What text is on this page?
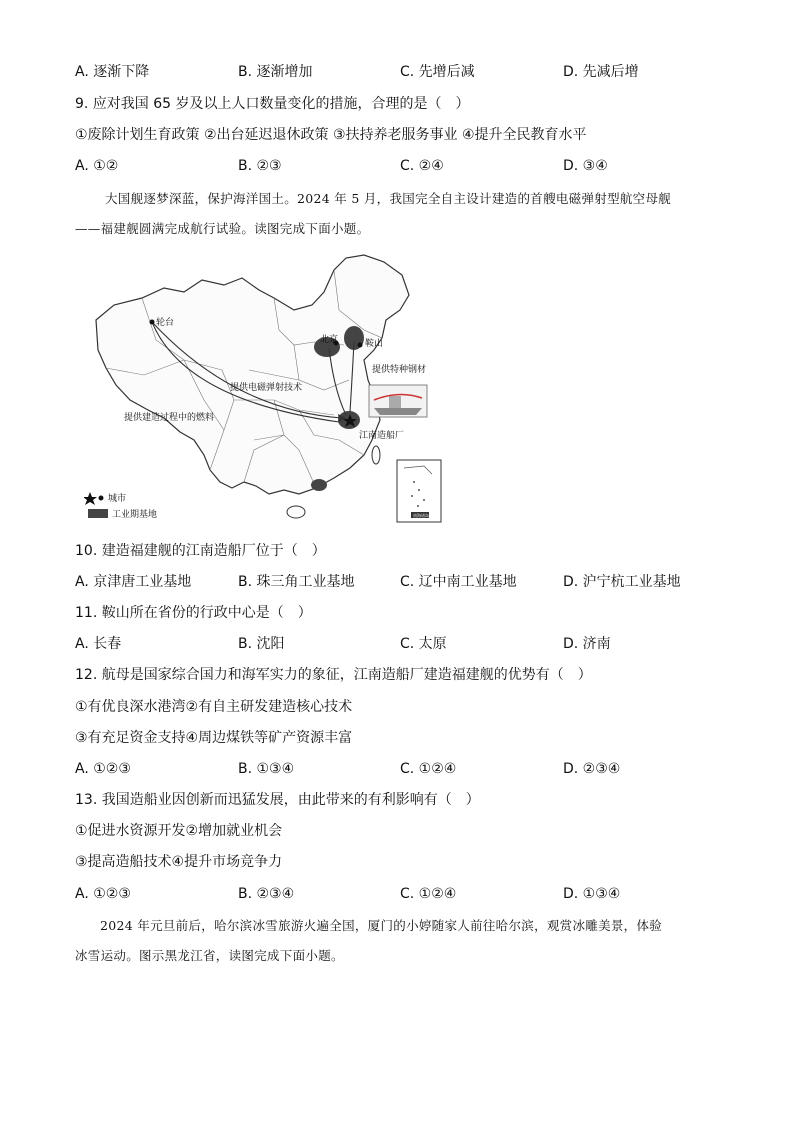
A. 逐渐下降	B. 逐渐增加	C. 先增后减	D. 先减后增
9. 应对我国 65 岁及以上人口数量变化的措施，合理的是（　）
①废除计划生育政策 ②出台延迟退休政策 ③扶持养老服务事业 ④提升全民教育水平
A. ①②	B. ②③	C. ②④	D. ③④
大国舰逐梦深蓝，保护海洋国土。2024 年 5 月，我国完全自主设计建造的首艘电磁弹射型航空母舰
——福建舰圆满完成航行试验。读图完成下面小题。
轮台
北京	鞍山
提供特种钢材
提供电磁弹射技术
提供建造过程中的燃料
江南造船厂
南海诸岛
城市
工业期基地
10. 建造福建舰的江南造船厂位于（　）
A. 京津唐工业基地	B. 珠三角工业基地	C. 辽中南工业基地	D. 沪宁杭工业基地
11. 鞍山所在省份的行政中心是（　）
A. 长春	B. 沈阳	C. 太原	D. 济南
12. 航母是国家综合国力和海军实力的象征，江南造船厂建造福建舰的优势有（　）
①有优良深水港湾②有自主研发建造核心技术
③有充足资金支持④周边煤铁等矿产资源丰富
A. ①②③	B. ①③④	C. ①②④	D. ②③④
13. 我国造船业因创新而迅猛发展，由此带来的有利影响有（　）
①促进水资源开发②增加就业机会
③提高造船技术④提升市场竞争力
A. ①②③	B. ②③④	C. ①②④	D. ①③④
2024 年元旦前后，哈尔滨冰雪旅游火遍全国，厦门的小婷随家人前往哈尔滨，观赏冰雕美景，体验
冰雪运动。图示黑龙江省，读图完成下面小题。
